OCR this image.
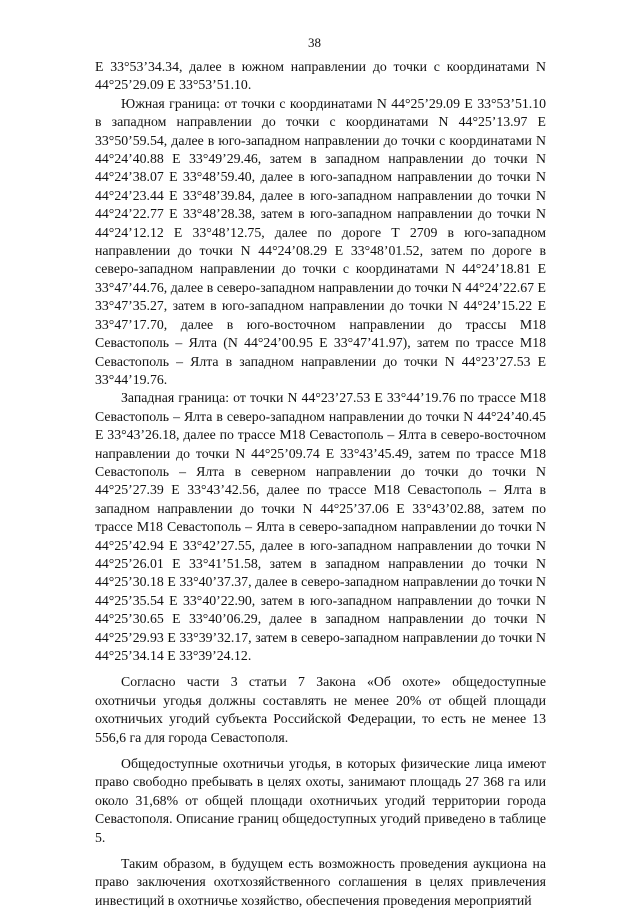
38

Е 33°53’34.34, далее в южном направлении до точки с координатами N 44°25’29.09 Е 33°53’51.10.

Южная граница: от точки с координатами N 44°25’29.09 Е 33°53’51.10 в западном направлении до точки с координатами N 44°25’13.97 Е 33°50’59.54, далее в юго-западном направлении до точки с координатами N 44°24’40.88 Е 33°49’29.46, затем в западном направлении до точки N 44°24’38.07 Е 33°48’59.40, далее в юго-западном направлении до точки N 44°24’23.44 Е 33°48’39.84, далее в юго-западном направлении до точки N 44°24’22.77 Е 33°48’28.38, затем в юго-западном направлении до точки N 44°24’12.12 Е 33°48’12.75, далее по дороге Т 2709 в юго-западном направлении до точки N 44°24’08.29 Е 33°48’01.52, затем по дороге в северо-западном направлении до точки с координатами N 44°24’18.81 Е 33°47’44.76, далее в северо-западном направлении до точки N 44°24’22.67 Е 33°47’35.27, затем в юго-западном направлении до точки N 44°24’15.22 Е 33°47’17.70, далее в юго-восточном направлении до трассы М18 Севастополь – Ялта (N 44°24’00.95 Е 33°47’41.97), затем по трассе М18 Севастополь – Ялта в западном направлении до точки N 44°23’27.53 Е 33°44’19.76.

Западная граница: от точки N 44°23’27.53 Е 33°44’19.76 по трассе М18 Севастополь – Ялта в северо-западном направлении до точки N 44°24’40.45 Е 33°43’26.18, далее по трассе М18 Севастополь – Ялта в северо-восточном направлении до точки N 44°25’09.74 Е 33°43’45.49, затем по трассе М18 Севастополь – Ялта в северном направлении до точки до точки N 44°25’27.39 Е 33°43’42.56, далее по трассе М18 Севастополь – Ялта в западном направлении до точки N 44°25’37.06 Е 33°43’02.88, затем по трассе М18 Севастополь – Ялта в северо-западном направлении до точки N 44°25’42.94 Е 33°42’27.55, далее в юго-западном направлении до точки N 44°25’26.01 Е 33°41’51.58, затем в западном направлении до точки N 44°25’30.18 Е 33°40’37.37, далее в северо-западном направлении до точки N 44°25’35.54 Е 33°40’22.90, затем в юго-западном направлении до точки N 44°25’30.65 Е 33°40’06.29, далее в западном направлении до точки N 44°25’29.93 Е 33°39’32.17, затем в северо-западном направлении до точки N 44°25’34.14 Е 33°39’24.12.

Согласно части 3 статьи 7 Закона «Об охоте» общедоступные охотничьи угодья должны составлять не менее 20% от общей площади охотничьих угодий субъекта Российской Федерации, то есть не менее 13 556,6 га для города Севастополя.

Общедоступные охотничьи угодья, в которых физические лица имеют право свободно пребывать в целях охоты, занимают площадь 27 368 га или около 31,68% от общей площади охотничьих угодий территории города Севастополя. Описание границ общедоступных угодий приведено в таблице 5.

Таким образом, в будущем есть возможность проведения аукциона на право заключения охотхозяйственного соглашения в целях привлечения инвестиций в охотничье хозяйство, обеспечения проведения мероприятий
